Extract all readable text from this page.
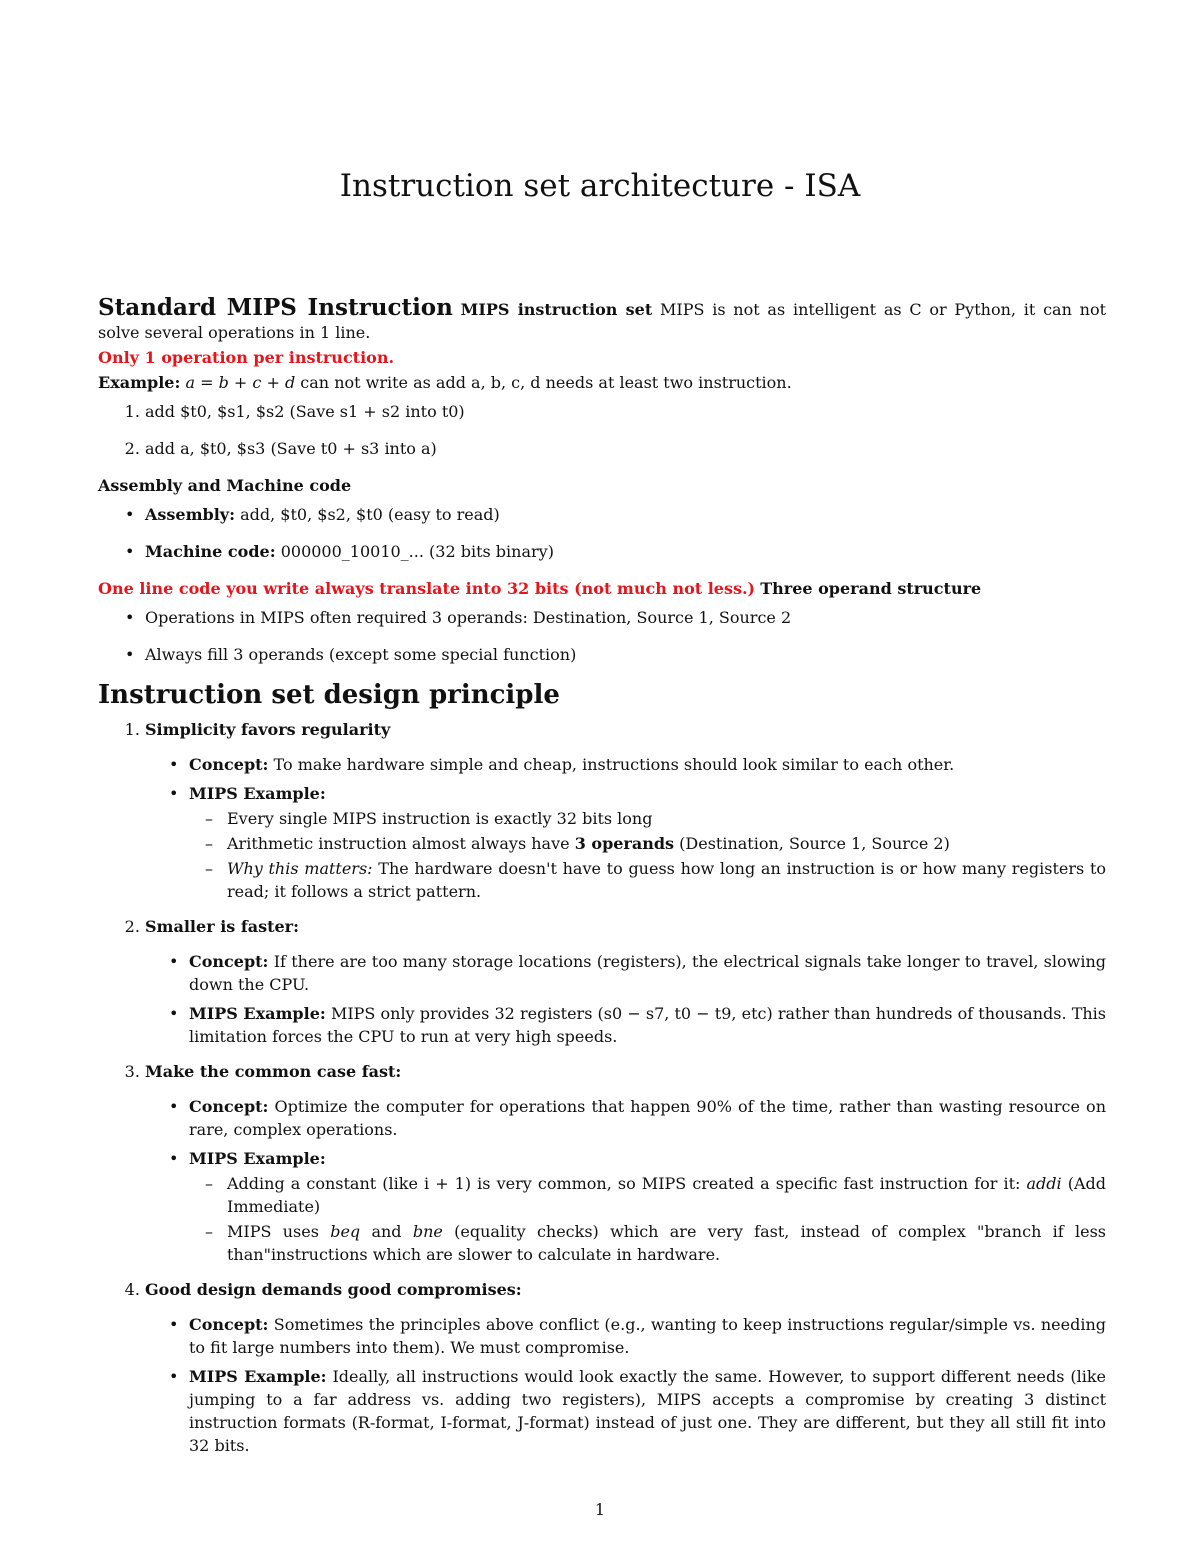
Instruction set architecture - ISA

Standard MIPS Instruction MIPS instruction set MIPS is not as intelligent as C or Python, it can not solve several operations in 1 line.

Only 1 operation per instruction.

Example: a = b + c + d can not write as add a, b, c, d needs at least two instruction.

1. add $t0, $s1, $s2 (Save s1 + s2 into t0)
2. add a, $t0, $s3 (Save t0 + s3 into a)

Assembly and Machine code

• Assembly: add, $t0, $s2, $t0 (easy to read)
• Machine code: 000000_10010_... (32 bits binary)

One line code you write always translate into 32 bits (not much not less.) Three operand structure

• Operations in MIPS often required 3 operands: Destination, Source 1, Source 2
• Always fill 3 operands (except some special function)
Instruction set design principle
1. Simplicity favors regularity
• Concept: To make hardware simple and cheap, instructions should look similar to each other.
• MIPS Example:
– Every single MIPS instruction is exactly 32 bits long
– Arithmetic instruction almost always have 3 operands (Destination, Source 1, Source 2)
– Why this matters: The hardware doesn't have to guess how long an instruction is or how many registers to read; it follows a strict pattern.
2. Smaller is faster:
• Concept: If there are too many storage locations (registers), the electrical signals take longer to travel, slowing down the CPU.
• MIPS Example: MIPS only provides 32 registers (s0 − s7, t0 − t9, etc) rather than hundreds of thousands. This limitation forces the CPU to run at very high speeds.
3. Make the common case fast:
• Concept: Optimize the computer for operations that happen 90% of the time, rather than wasting resource on rare, complex operations.
• MIPS Example:
– Adding a constant (like i + 1) is very common, so MIPS created a specific fast instruction for it: addi (Add Immediate)
– MIPS uses beq and bne (equality checks) which are very fast, instead of complex "branch if less than"instructions which are slower to calculate in hardware.
4. Good design demands good compromises:
• Concept: Sometimes the principles above conflict (e.g., wanting to keep instructions regular/simple vs. needing to fit large numbers into them). We must compromise.
• MIPS Example: Ideally, all instructions would look exactly the same. However, to support different needs (like jumping to a far address vs. adding two registers), MIPS accepts a compromise by creating 3 distinct instruction formats (R-format, I-format, J-format) instead of just one. They are different, but they all still fit into 32 bits.
1
